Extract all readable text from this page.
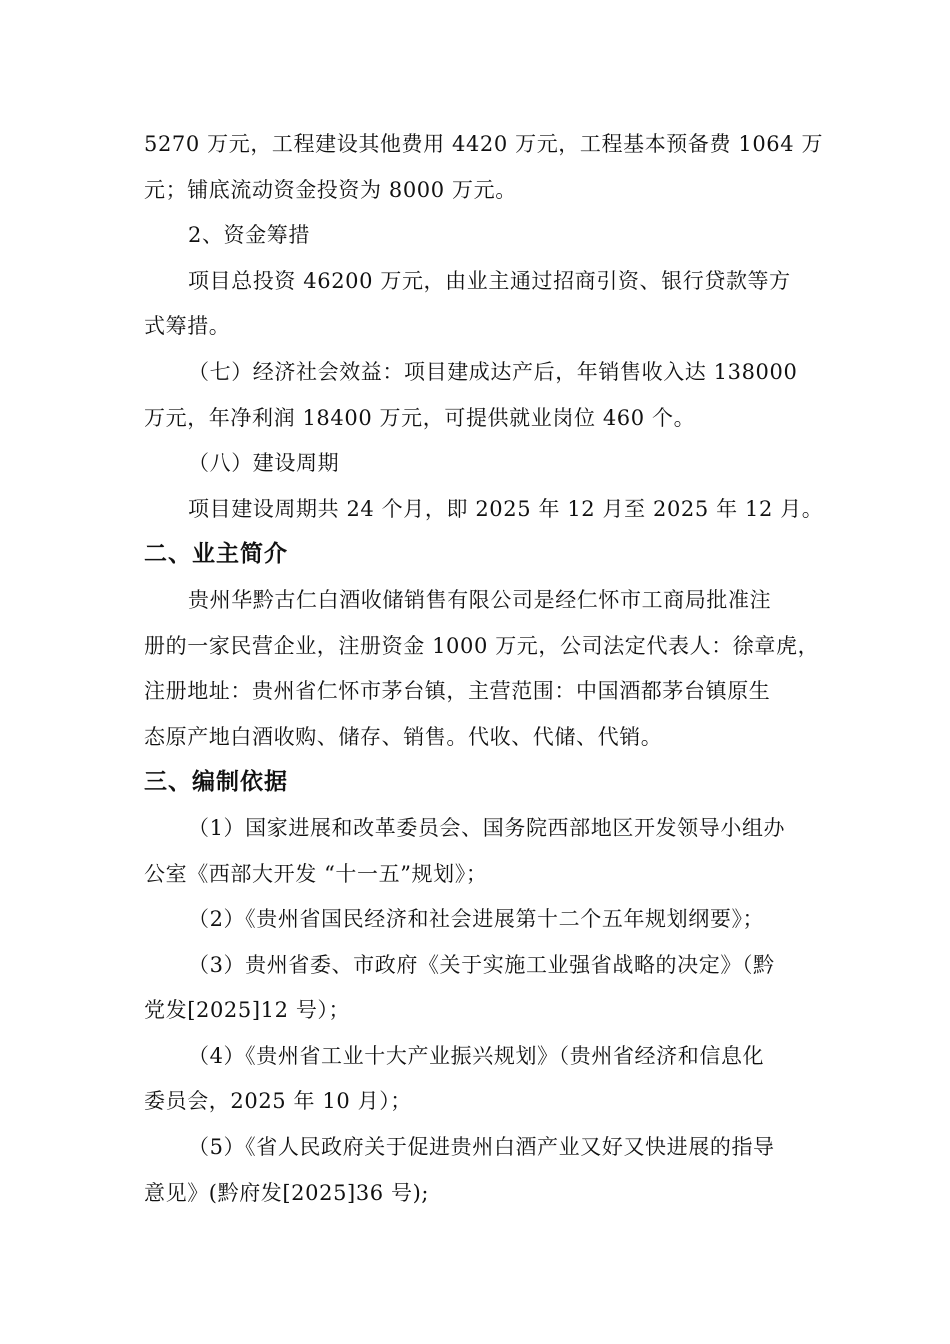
5270 万元，工程建设其他费用 4420 万元，工程基本预备费 1064 万
元；铺底流动资金投资为 8000 万元。
2、资金筹措
项目总投资 46200 万元，由业主通过招商引资、银行贷款等方
式筹措。
（七）经济社会效益：项目建成达产后，年销售收入达 138000
万元，年净利润 18400 万元，可提供就业岗位 460 个。
（八）建设周期
项目建设周期共 24 个月，即 2025 年 12 月至 2025 年 12 月。
二、业主简介
贵州华黔古仁白酒收储销售有限公司是经仁怀市工商局批准注
册的一家民营企业，注册资金 1000 万元，公司法定代表人：徐章虎，
注册地址：贵州省仁怀市茅台镇，主营范围：中国酒都茅台镇原生
态原产地白酒收购、储存、销售。代收、代储、代销。
三、编制依据
（1）国家进展和改革委员会、国务院西部地区开发领导小组办
公室《西部大开发 “十一五”规划》；
（2）《贵州省国民经济和社会进展第十二个五年规划纲要》；
（3）贵州省委、市政府《关于实施工业强省战略的决定》（黔
党发[2025]12 号）；
（4）《贵州省工业十大产业振兴规划》（贵州省经济和信息化
委员会，2025 年 10 月）；
（5）《省人民政府关于促进贵州白酒产业又好又快进展的指导
意见》(黔府发[2025]36 号);
